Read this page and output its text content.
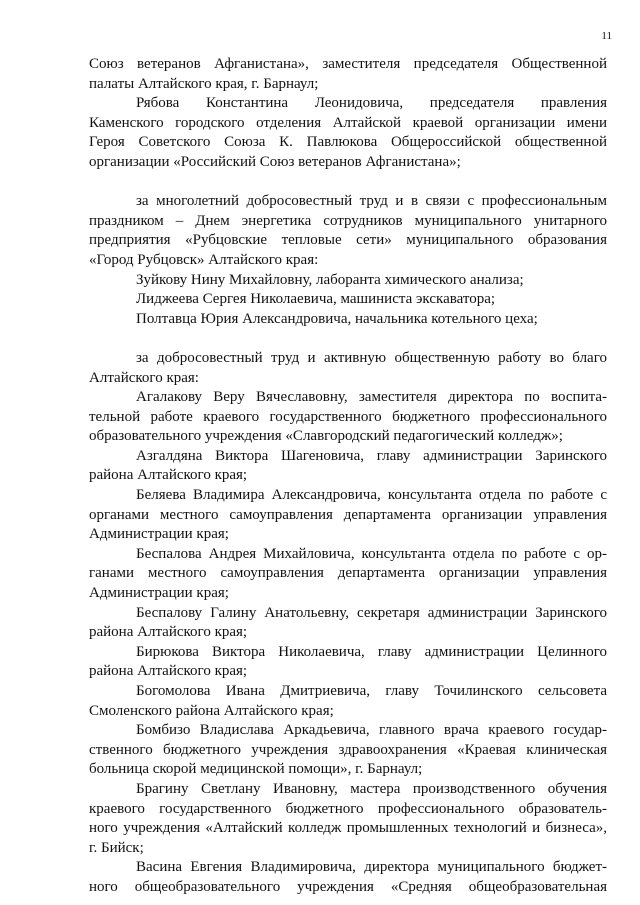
11
Союз ветеранов Афганистана», заместителя председателя Общественной
палаты Алтайского края, г. Барнаул;
Рябова Константина Леонидовича, председателя правления
Каменского городского отделения Алтайской краевой организации имени
Героя Советского Союза К. Павлюкова Общероссийской общественной
организации «Российский Союз ветеранов Афганистана»;
за многолетний добросовестный труд и в связи с профессиональным
праздником – Днем энергетика сотрудников муниципального унитарного
предприятия «Рубцовские тепловые сети» муниципального образования
«Город Рубцовск» Алтайского края:
Зуйкову Нину Михайловну, лаборанта химического анализа;
Лиджеева Сергея Николаевича, машиниста экскаватора;
Полтавца Юрия Александровича, начальника котельного цеха;
за добросовестный труд и активную общественную работу во благо
Алтайского края:
Агалакову Веру Вячеславовну, заместителя директора по воспита-
тельной работе краевого государственного бюджетного профессионального
образовательного учреждения «Славгородский педагогический колледж»;
Азгалдяна Виктора Шагеновича, главу администрации Заринского
района Алтайского края;
Беляева Владимира Александровича, консультанта отдела по работе с
органами местного самоуправления департамента организации управления
Администрации края;
Беспалова Андрея Михайловича, консультанта отдела по работе с ор-
ганами местного самоуправления департамента организации управления
Администрации края;
Беспалову Галину Анатольевну, секретаря администрации Заринского
района Алтайского края;
Бирюкова Виктора Николаевича, главу администрации Целинного
района Алтайского края;
Богомолова Ивана Дмитриевича, главу Точилинского сельсовета
Смоленского района Алтайского края;
Бомбизо Владислава Аркадьевича, главного врача краевого государ-
ственного бюджетного учреждения здравоохранения «Краевая клиническая
больница скорой медицинской помощи», г. Барнаул;
Брагину Светлану Ивановну, мастера производственного обучения
краевого государственного бюджетного профессионального образователь-
ного учреждения «Алтайский колледж промышленных технологий и бизнеса»,
г. Бийск;
Васина Евгения Владимировича, директора муниципального бюджет-
ного общеобразовательного учреждения «Средняя общеобразовательная
